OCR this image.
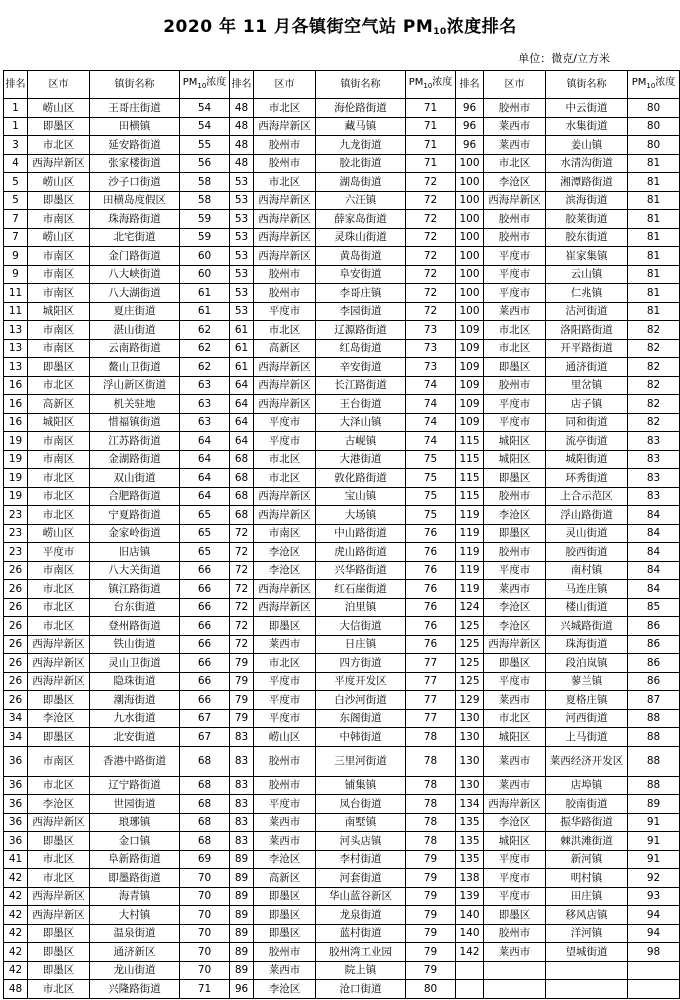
2020 年 11 月各镇街空气站 $PM_{10}$浓度排名
单位：微克/立方米
排名	区市	镇街名称	$PM_{10}$浓度	排名	区市	镇街名称	$PM_{10}$浓度	排名	区市	镇街名称	$PM_{10}$浓度
1	崂山区	王哥庄街道	54	48	市北区	海伦路街道	71	96	胶州市	中云街道	80
1	即墨区	田横镇	54	48	西海岸新区	藏马镇	71	96	莱西市	水集街道	80
3	市北区	延安路街道	55	48	胶州市	九龙街道	71	96	莱西市	姜山镇	80
4	西海岸新区	张家楼街道	56	48	胶州市	胶北街道	71	100	市北区	水清沟街道	81
5	崂山区	沙子口街道	58	53	市北区	湖岛街道	72	100	李沧区	湘潭路街道	81
5	即墨区	田横岛度假区	58	53	西海岸新区	六汪镇	72	100	西海岸新区	滨海街道	81
7	市南区	珠海路街道	59	53	西海岸新区	薛家岛街道	72	100	胶州市	胶莱街道	81
7	崂山区	北宅街道	59	53	西海岸新区	灵珠山街道	72	100	胶州市	胶东街道	81
9	市南区	金门路街道	60	53	西海岸新区	黄岛街道	72	100	平度市	崔家集镇	81
9	市南区	八大峡街道	60	53	胶州市	阜安街道	72	100	平度市	云山镇	81
11	市南区	八大湖街道	61	53	胶州市	李哥庄镇	72	100	平度市	仁兆镇	81
11	城阳区	夏庄街道	61	53	平度市	李园街道	72	100	莱西市	沽河街道	81
13	市南区	湛山街道	62	61	市北区	辽源路街道	73	109	市北区	洛阳路街道	82
13	市南区	云南路街道	62	61	高新区	红岛街道	73	109	市北区	开平路街道	82
13	即墨区	鳌山卫街道	62	61	西海岸新区	辛安街道	73	109	即墨区	通济街道	82
16	市北区	浮山新区街道	63	64	西海岸新区	长江路街道	74	109	胶州市	里岔镇	82
16	高新区	机关驻地	63	64	西海岸新区	王台街道	74	109	平度市	店子镇	82
16	城阳区	惜福镇街道	63	64	平度市	大泽山镇	74	109	平度市	同和街道	82
19	市南区	江苏路街道	64	64	平度市	古岘镇	74	115	城阳区	流亭街道	83
19	市南区	金湖路街道	64	68	市北区	大港街道	75	115	城阳区	城阳街道	83
19	市北区	双山街道	64	68	市北区	敦化路街道	75	115	即墨区	环秀街道	83
19	市北区	合肥路街道	64	68	西海岸新区	宝山镇	75	115	胶州市	上合示范区	83
23	市北区	宁夏路街道	65	68	西海岸新区	大场镇	75	119	李沧区	浮山路街道	84
23	崂山区	金家岭街道	65	72	市南区	中山路街道	76	119	即墨区	灵山街道	84
23	平度市	旧店镇	65	72	李沧区	虎山路街道	76	119	胶州市	胶西街道	84
26	市南区	八大关街道	66	72	李沧区	兴华路街道	76	119	平度市	南村镇	84
26	市北区	镇江路街道	66	72	西海岸新区	红石崖街道	76	119	莱西市	马连庄镇	84
26	市北区	台东街道	66	72	西海岸新区	泊里镇	76	124	李沧区	楼山街道	85
26	市北区	登州路街道	66	72	即墨区	大信街道	76	125	李沧区	兴城路街道	86
26	西海岸新区	铁山街道	66	72	莱西市	日庄镇	76	125	西海岸新区	珠海街道	86
26	西海岸新区	灵山卫街道	66	79	市北区	四方街道	77	125	即墨区	段泊岚镇	86
26	西海岸新区	隐珠街道	66	79	平度市	平度开发区	77	125	平度市	蓼兰镇	86
26	即墨区	潮海街道	66	79	平度市	白沙河街道	77	129	莱西市	夏格庄镇	87
34	李沧区	九水街道	67	79	平度市	东阁街道	77	130	市北区	河西街道	88
34	即墨区	北安街道	67	83	崂山区	中韩街道	78	130	城阳区	上马街道	88
36	市南区	香港中路街道	68	83	胶州市	三里河街道	78	130	莱西市	莱西经济开发区	88
36	市北区	辽宁路街道	68	83	胶州市	铺集镇	78	130	莱西市	店埠镇	88
36	李沧区	世园街道	68	83	平度市	凤台街道	78	134	西海岸新区	胶南街道	89
36	西海岸新区	琅琊镇	68	83	莱西市	南墅镇	78	135	李沧区	振华路街道	91
36	即墨区	金口镇	68	83	莱西市	河头店镇	78	135	城阳区	棘洪滩街道	91
41	市北区	阜新路街道	69	89	李沧区	李村街道	79	135	平度市	新河镇	91
42	市北区	即墨路街道	70	89	高新区	河套街道	79	138	平度市	明村镇	92
42	西海岸新区	海青镇	70	89	即墨区	华山蓝谷新区	79	139	平度市	田庄镇	93
42	西海岸新区	大村镇	70	89	即墨区	龙泉街道	79	140	即墨区	移风店镇	94
42	即墨区	温泉街道	70	89	即墨区	蓝村街道	79	140	胶州市	洋河镇	94
42	即墨区	通济新区	70	89	胶州市	胶州湾工业园	79	142	莱西市	望城街道	98
42	即墨区	龙山街道	70	89	莱西市	院上镇	79				
48	市北区	兴隆路街道	71	96	李沧区	沧口街道	80				
